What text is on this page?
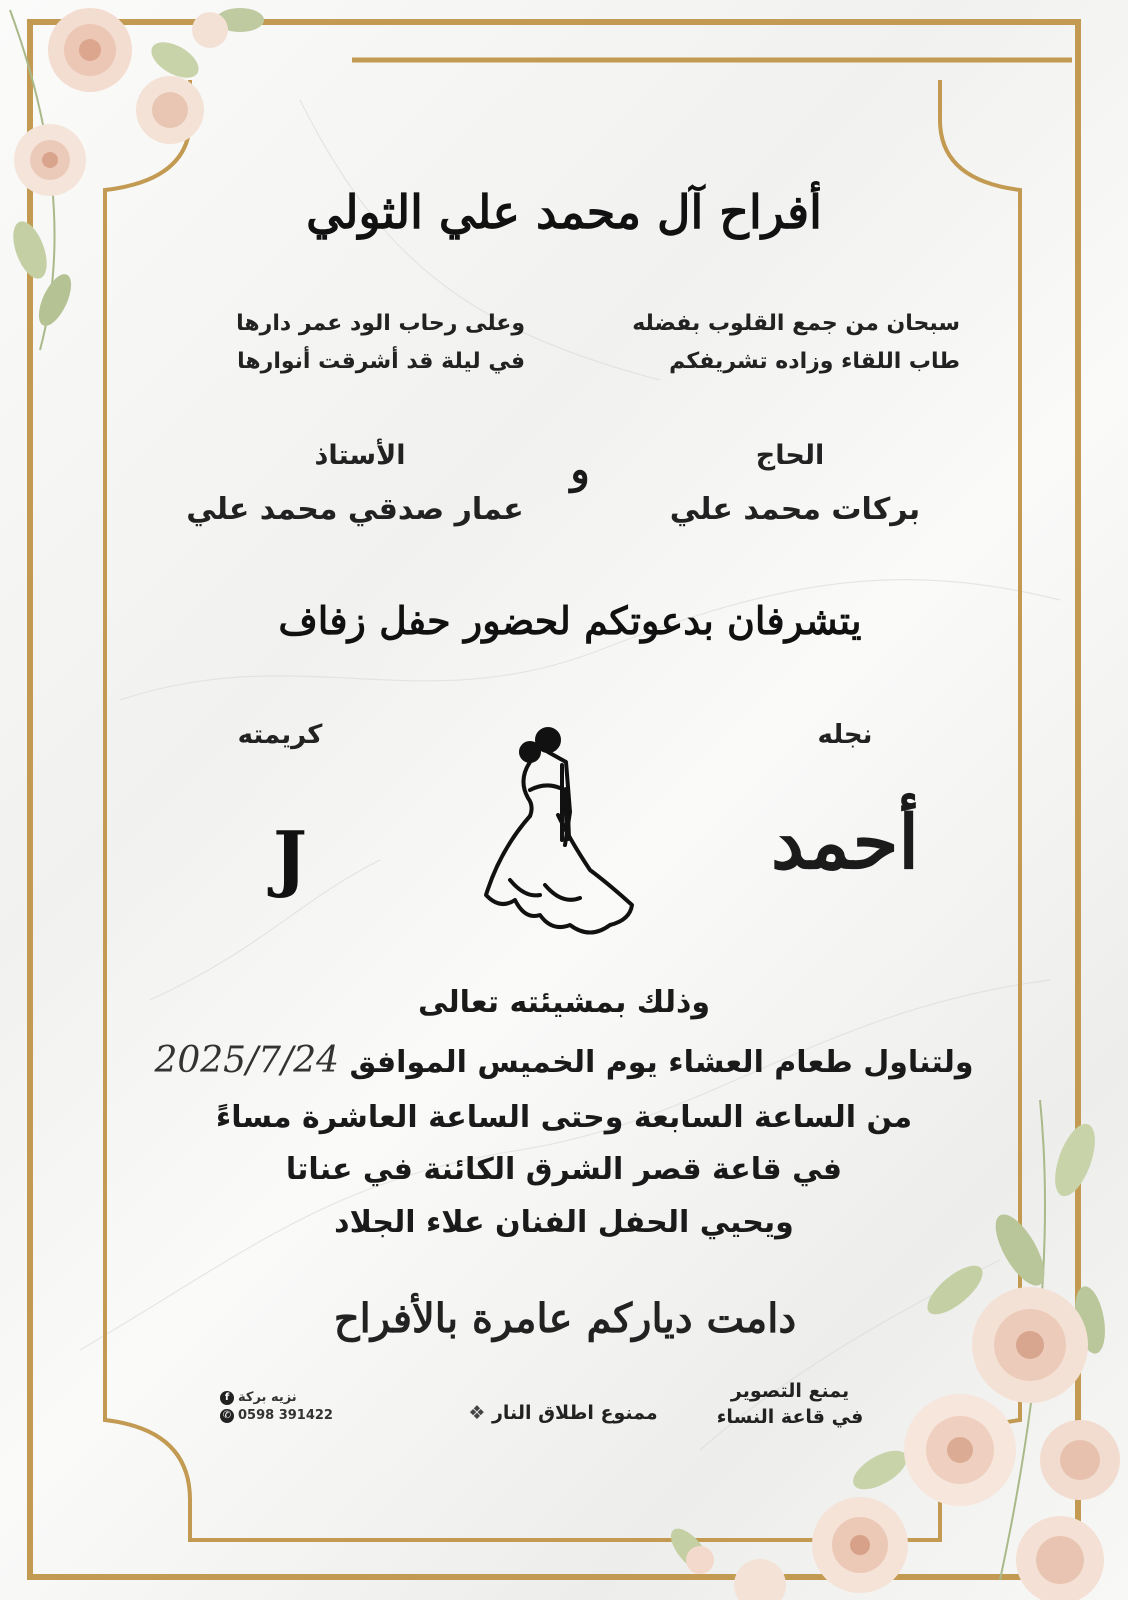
أفراح آل محمد علي الثولي
سبحان من جمع القلوب بفضله
طاب اللقاء وزاده تشريفكم
وعلى رحاب الود عمر دارها
في ليلة قد أشرقت أنوارها
الحاج
بركات محمد علي
و
الأستاذ
عمار صدقي محمد علي
يتشرفان بدعوتكم لحضور حفل زفاف
نجله
كريمته
أحمد
J
وذلك بمشيئته تعالى
ولتناول طعام العشاء يوم الخميس الموافق 2025/7/24
من الساعة السابعة وحتى الساعة العاشرة مساءً
في قاعة قصر الشرق الكائنة في عناتا
ويحيي الحفل الفنان علاء الجلاد
دامت دياركم عامرة بالأفراح
يمنع التصوير
في قاعة النساء
ممنوع اطلاق النار ❖
f نزيه بركة
✆ 0598 391422
